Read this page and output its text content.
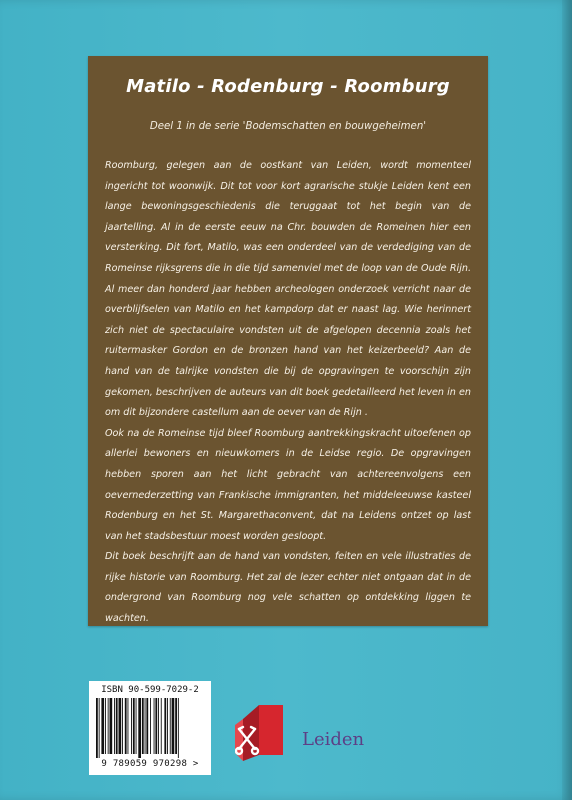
Matilo - Rodenburg - Roomburg
Deel 1 in de serie 'Bodemschatten en bouwgeheimen'

Roomburg, gelegen aan de oostkant van Leiden, wordt momenteel ingericht tot woonwijk. Dit tot voor kort agrarische stukje Leiden kent een lange bewoningsgeschiedenis die teruggaat tot het begin van de jaartelling. Al in de eerste eeuw na Chr. bouwden de Romeinen hier een versterking. Dit fort, Matilo, was een onderdeel van de verdediging van de Romeinse rijksgrens die in die tijd samenviel met de loop van de Oude Rijn. Al meer dan honderd jaar hebben archeologen onderzoek verricht naar de overblijfselen van Matilo en het kampdorp dat er naast lag. Wie herinnert zich niet de spectaculaire vondsten uit de afgelopen decennia zoals het ruitermasker Gordon en de bronzen hand van het keizerbeeld? Aan de hand van de talrijke vondsten die bij de opgravingen te voorschijn zijn gekomen, beschrijven de auteurs van dit boek gedetailleerd het leven in en om dit bijzondere castellum aan de oever van de Rijn .

Ook na de Romeinse tijd bleef Roomburg aantrekkingskracht uitoefenen op allerlei bewoners en nieuwkomers in de Leidse regio. De opgravingen hebben sporen aan het licht gebracht van achtereenvolgens een oevernederzetting van Frankische immigranten, het middeleeuwse kasteel Rodenburg en het St. Margarethaconvent, dat na Leidens ontzet op last van het stadsbestuur moest worden gesloopt.

Dit boek beschrijft aan de hand van vondsten, feiten en vele illustraties de rijke historie van Roomburg. Het zal de lezer echter niet ontgaan dat in de ondergrond van Roomburg nog vele schatten op ontdekking liggen te wachten.

ISBN 90-599-7029-2
9 789059 970298 >
Leiden
